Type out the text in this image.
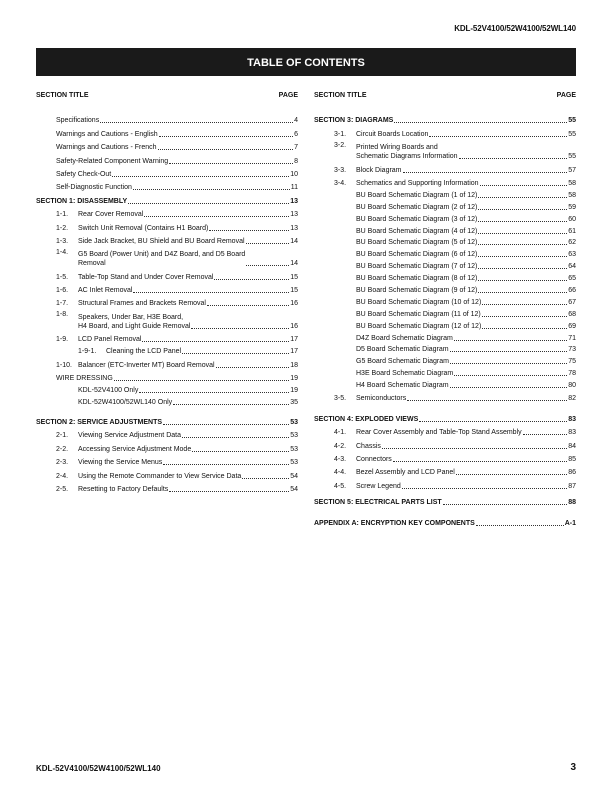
KDL-52V4100/52W4100/52WL140
TABLE OF CONTENTS
SECTION TITLE	PAGE
Specifications	4
Warnings and Cautions - English	6
Warnings and Cautions - French	7
Safety-Related Component Warning	8
Safety Check-Out	10
Self-Diagnostic Function	11
SECTION 1: DISASSEMBLY	13
1-1.	Rear Cover Removal	13
1-2.	Switch Unit Removal (Contains H1 Board)	13
1-3.	Side Jack Bracket, BU Shield and BU Board Removal	14
1-4.	G5 Board (Power Unit) and D4Z Board, and D5 Board
Removal	14
1-5.	Table-Top Stand and Under Cover Removal	15
1-6.	AC Inlet Removal	15
1-7.	Structural Frames and Brackets Removal	16
1-8.	Speakers, Under Bar, H3E Board,
H4 Board, and Light Guide Removal	16
1-9.	LCD Panel Removal	17
1-9-1.	Cleaning the LCD Panel	17
1-10. Balancer (ETC-Inverter MT) Board Removal	18
WIRE DRESSING	19
KDL-52V4100 Only	19
KDL-52W4100/52WL140 Only	35
SECTION 2: SERVICE ADJUSTMENTS	53
2-1.	Viewing Service Adjustment Data	53
2-2.	Accessing Service Adjustment Mode	53
2-3.	Viewing the Service Menus	53
2-4.	Using the Remote Commander to View Service Data	54
2-5.	Resetting to Factory Defaults	54
SECTION TITLE	PAGE
SECTION 3: DIAGRAMS	55
3-1.	Circuit Boards Location	55
3-2.	Printed Wiring Boards and
Schematic Diagrams Information	55
3-3.	Block Diagram	57
3-4.	Schematics and Supporting Information	58
BU Board Schematic Diagram (1 of 12)	58
BU Board Schematic Diagram (2 of 12)	59
BU Board Schematic Diagram (3 of 12)	60
BU Board Schematic Diagram (4 of 12)	61
BU Board Schematic Diagram (5 of 12)	62
BU Board Schematic Diagram (6 of 12)	63
BU Board Schematic Diagram (7 of 12)	64
BU Board Schematic Diagram (8 of 12)	65
BU Board Schematic Diagram (9 of 12)	66
BU Board Schematic Diagram (10 of 12)	67
BU Board Schematic Diagram (11 of 12)	68
BU Board Schematic Diagram (12 of 12)	69
D4Z Board Schematic Diagram	71
D5 Board Schematic Diagram	73
G5 Board Schematic Diagram	75
H3E Board Schematic Diagram	78
H4 Board Schematic Diagram	80
3-5.	Semiconductors	82
SECTION 4: EXPLODED VIEWS	83
4-1.	Rear Cover Assembly and Table-Top Stand Assembly	83
4-2.	Chassis	84
4-3.	Connectors	85
4-4.	Bezel Assembly and LCD Panel	86
4-5.	Screw Legend	87
SECTION 5: ELECTRICAL PARTS LIST	88
APPENDIX A: ENCRYPTION KEY COMPONENTS	A-1
KDL-52V4100/52W4100/52WL140	3
